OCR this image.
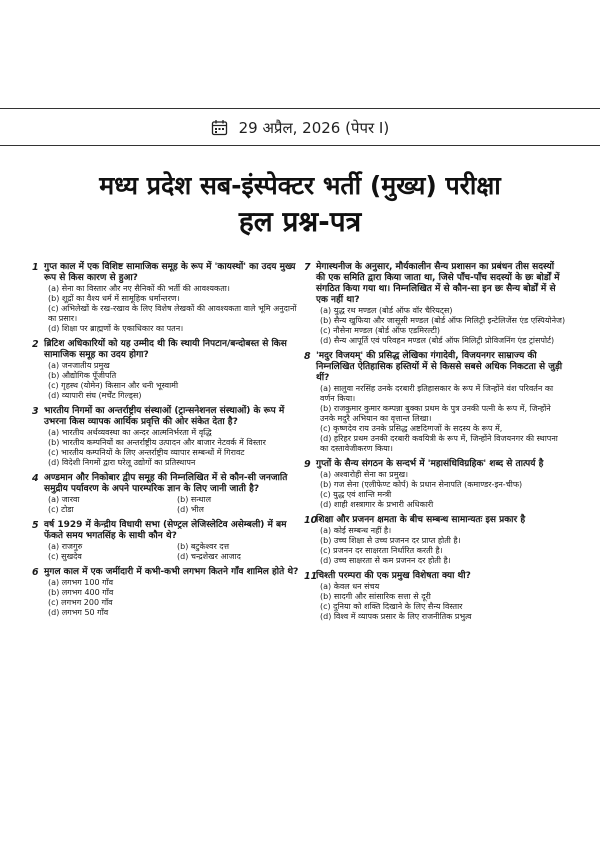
29 अप्रैल, 2026 (पेपर I)
मध्य प्रदेश सब-इंस्पेक्टर भर्ती (मुख्य) परीक्षा
हल प्रश्न-पत्र
1 गुप्त काल में एक विशिष्ट सामाजिक समूह के रूप में 'कायस्थों' का उदय मुख्य रूप से किस कारण से हुआ?
(a) सेना का विस्तार और नए सैनिकों की भर्ती की आवश्यकता।
(b) शूद्रों का वैश्य धर्म में सामूहिक धर्मान्तरण।
(c) अभिलेखों के रख-रखाव के लिए विशेष लेखकों की आवश्यकता वाले भूमि अनुदानों का प्रसार।
(d) शिक्षा पर ब्राह्मणों के एकाधिकार का पतन।
2 ब्रिटिश अधिकारियों को यह उम्मीद थी कि स्थायी निपटान/बन्दोबस्त से किस सामाजिक समूह का उदय होगा?
(a) जनजातीय प्रमुख
(b) औद्योगिक पूँजीपति
(c) गृहस्थ (योमेन) किसान और धनी भूस्वामी
(d) व्यापारी संघ (मर्चेंट गिल्ड्स)
3 भारतीय निगमों का अन्तर्राष्ट्रीय संस्थाओं (ट्रान्सनेशनल संस्थाओं) के रूप में उभरना किस व्यापक आर्थिक प्रवृत्ति की ओर संकेत देता है?
(a) भारतीय अर्थव्यवस्था का अन्दर आत्मनिर्भरता में वृद्धि
(b) भारतीय कम्पनियों का अन्तर्राष्ट्रीय उत्पादन और बाजार नेटवर्क में विस्तार
(c) भारतीय कम्पनियों के लिए अन्तर्राष्ट्रीय व्यापार सम्बन्धों में गिरावट
(d) विदेशी निगमों द्वारा घरेलू उद्योगों का प्रतिस्थापन
4 अण्डमान और निकोबार द्वीप समूह की निम्नलिखित में से कौन-सी जनजाति समुद्रीय पर्यावरण के अपने पारम्परिक ज्ञान के लिए जानी जाती है?
(a) जारवा	(b) सन्थाल
(c) टोडा	(d) भील
5 वर्ष 1929 में केन्द्रीय विधायी सभा (सेण्ट्रल लेजिस्लेटिव असेम्बली) में बम फेंकते समय भगतसिंह के साथी कौन थे?
(a) राजगुरु	(b) बटुकेश्वर दत्त
(c) सुखदेव	(d) चन्द्रशेखर आजाद
6 मुगल काल में एक जमींदारी में कभी-कभी लगभग कितने गाँव शामिल होते थे?
(a) लगभग 100 गाँव
(b) लगभग 400 गाँव
(c) लगभग 200 गाँव
(d) लगभग 50 गाँव
7 मेगास्थनीज के अनुसार, मौर्यकालीन सैन्य प्रशासन का प्रबंधन तीस सदस्यों की एक समिति द्वारा किया जाता था, जिसे पाँच-पाँच सदस्यों के छः बोर्डों में संगठित किया गया था। निम्नलिखित में से कौन-सा इन छः सैन्य बोर्डों में से एक नहीं था?
(a) युद्ध रथ मण्डल (बोर्ड ऑफ वॉर चैरियट्स)
(b) सैन्य खुफिया और जासूसी मण्डल (बोर्ड ऑफ मिलिट्री इन्टेलिजेंस एंड एस्पियोनेज)
(c) नौसेना मण्डल (बोर्ड ऑफ एडमिरल्टी)
(d) सैन्य आपूर्ति एवं परिवहन मण्डल (बोर्ड ऑफ मिलिट्री प्रोविजनिंग एंड ट्रांसपोर्ट)
8 'मदुर विजयम्' की प्रसिद्ध लेखिका गंगादेवी, विजयनगर साम्राज्य की निम्नलिखित ऐतिहासिक हस्तियों में से किससे सबसे अधिक निकटता से जुड़ी थीं?
(a) सालुवा नरसिंह उनके दरबारी इतिहासकार के रूप में जिन्होंने वंश परिवर्तन का वर्णन किया।
(b) राजकुमार कुमार कम्पन्ना बुक्का प्रथम के पुत्र उनकी पत्नी के रूप में, जिन्होंने उनके मदुरै अभियान का वृत्तान्त लिखा।
(c) कृष्णदेव राय उनके प्रसिद्ध अष्टदिग्गजों के सदस्य के रूप में,
(d) हरिहर प्रथम उनकी दरबारी कवयित्री के रूप में, जिन्होंने विजयनगर की स्थापना का दस्तावेजीकरण किया।
9 गुप्तों के सैन्य संगठन के सन्दर्भ में 'महासंधिविग्रहिक' शब्द से तात्पर्य है
(a) अश्वारोही सेना का प्रमुख।
(b) गज सेना (एलीफेण्ट कोर्प) के प्रधान सेनापति (कमाण्डर-इन-चीफ)
(c) युद्ध एवं शान्ति मन्त्री
(d) शाही शस्त्रागार के प्रभारी अधिकारी
10
शिक्षा और प्रजनन क्षमता के बीच सम्बन्ध सामान्यतः इस प्रकार है
(a) कोई सम्बन्ध नहीं है।
(b) उच्च शिक्षा से उच्च प्रजनन दर प्राप्त होती है।
(c) प्रजनन दर साक्षरता निर्धारित करती है।
(d) उच्च साक्षरता से कम प्रजनन दर होती है।
11
चिश्ती परम्परा की एक प्रमुख विशेषता क्या थी?
(a) केवल धन संचय
(b) सादगी और सांसारिक सत्ता से दूरी
(c) दुनिया को शक्ति दिखाने के लिए सैन्य विस्तार
(d) विश्व में व्यापक प्रसार के लिए राजनीतिक प्रभुत्व
